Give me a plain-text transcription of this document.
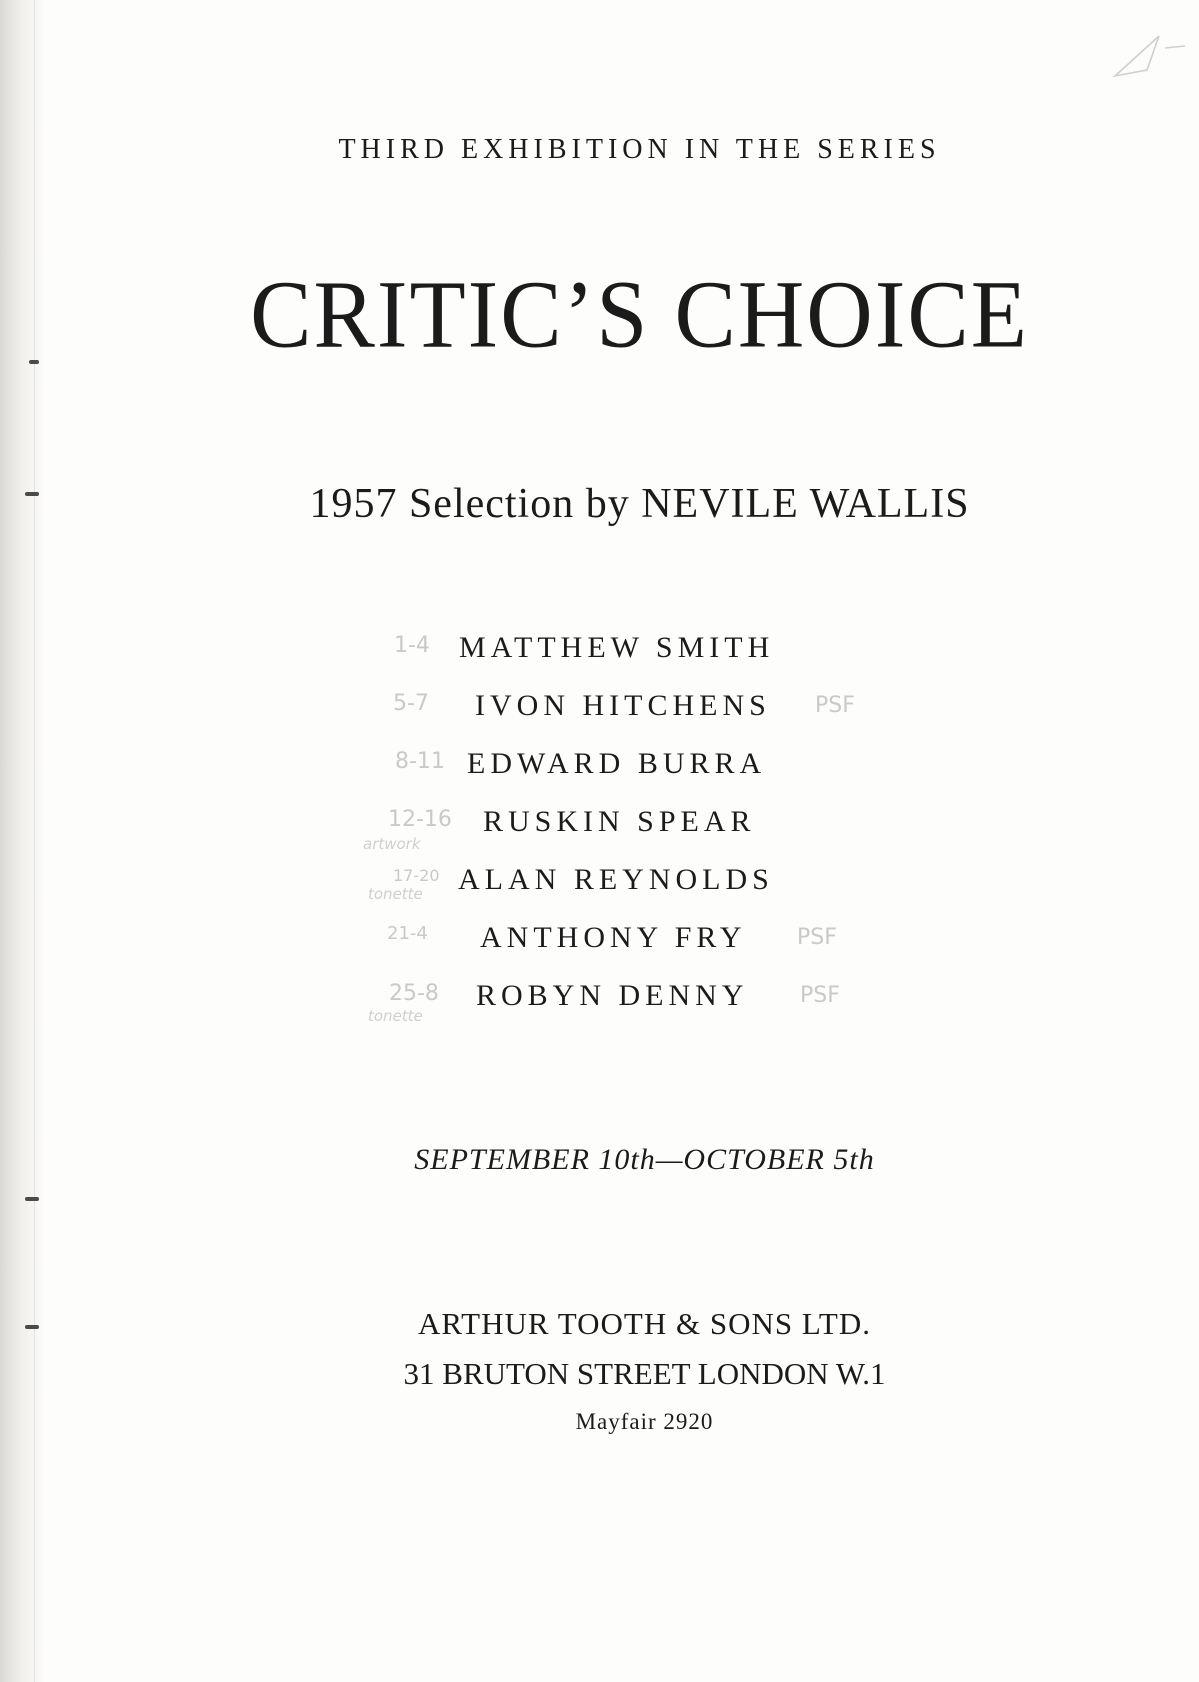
THIRD EXHIBITION IN THE SERIES
CRITIC’S CHOICE
1957 Selection by NEVILE WALLIS
1-4 MATTHEW SMITH
5-7 IVON HITCHENS PSF
8-11 EDWARD BURRA
12-16
artwork
RUSKIN SPEAR
17-20
tonette ALAN REYNOLDS
21-4 ANTHONY FRY PSF
25-8
tonette
ROBYN DENNY PSF
SEPTEMBER 10th—OCTOBER 5th
ARTHUR TOOTH & SONS LTD.
31 BRUTON STREET LONDON W.1
Mayfair 2920
